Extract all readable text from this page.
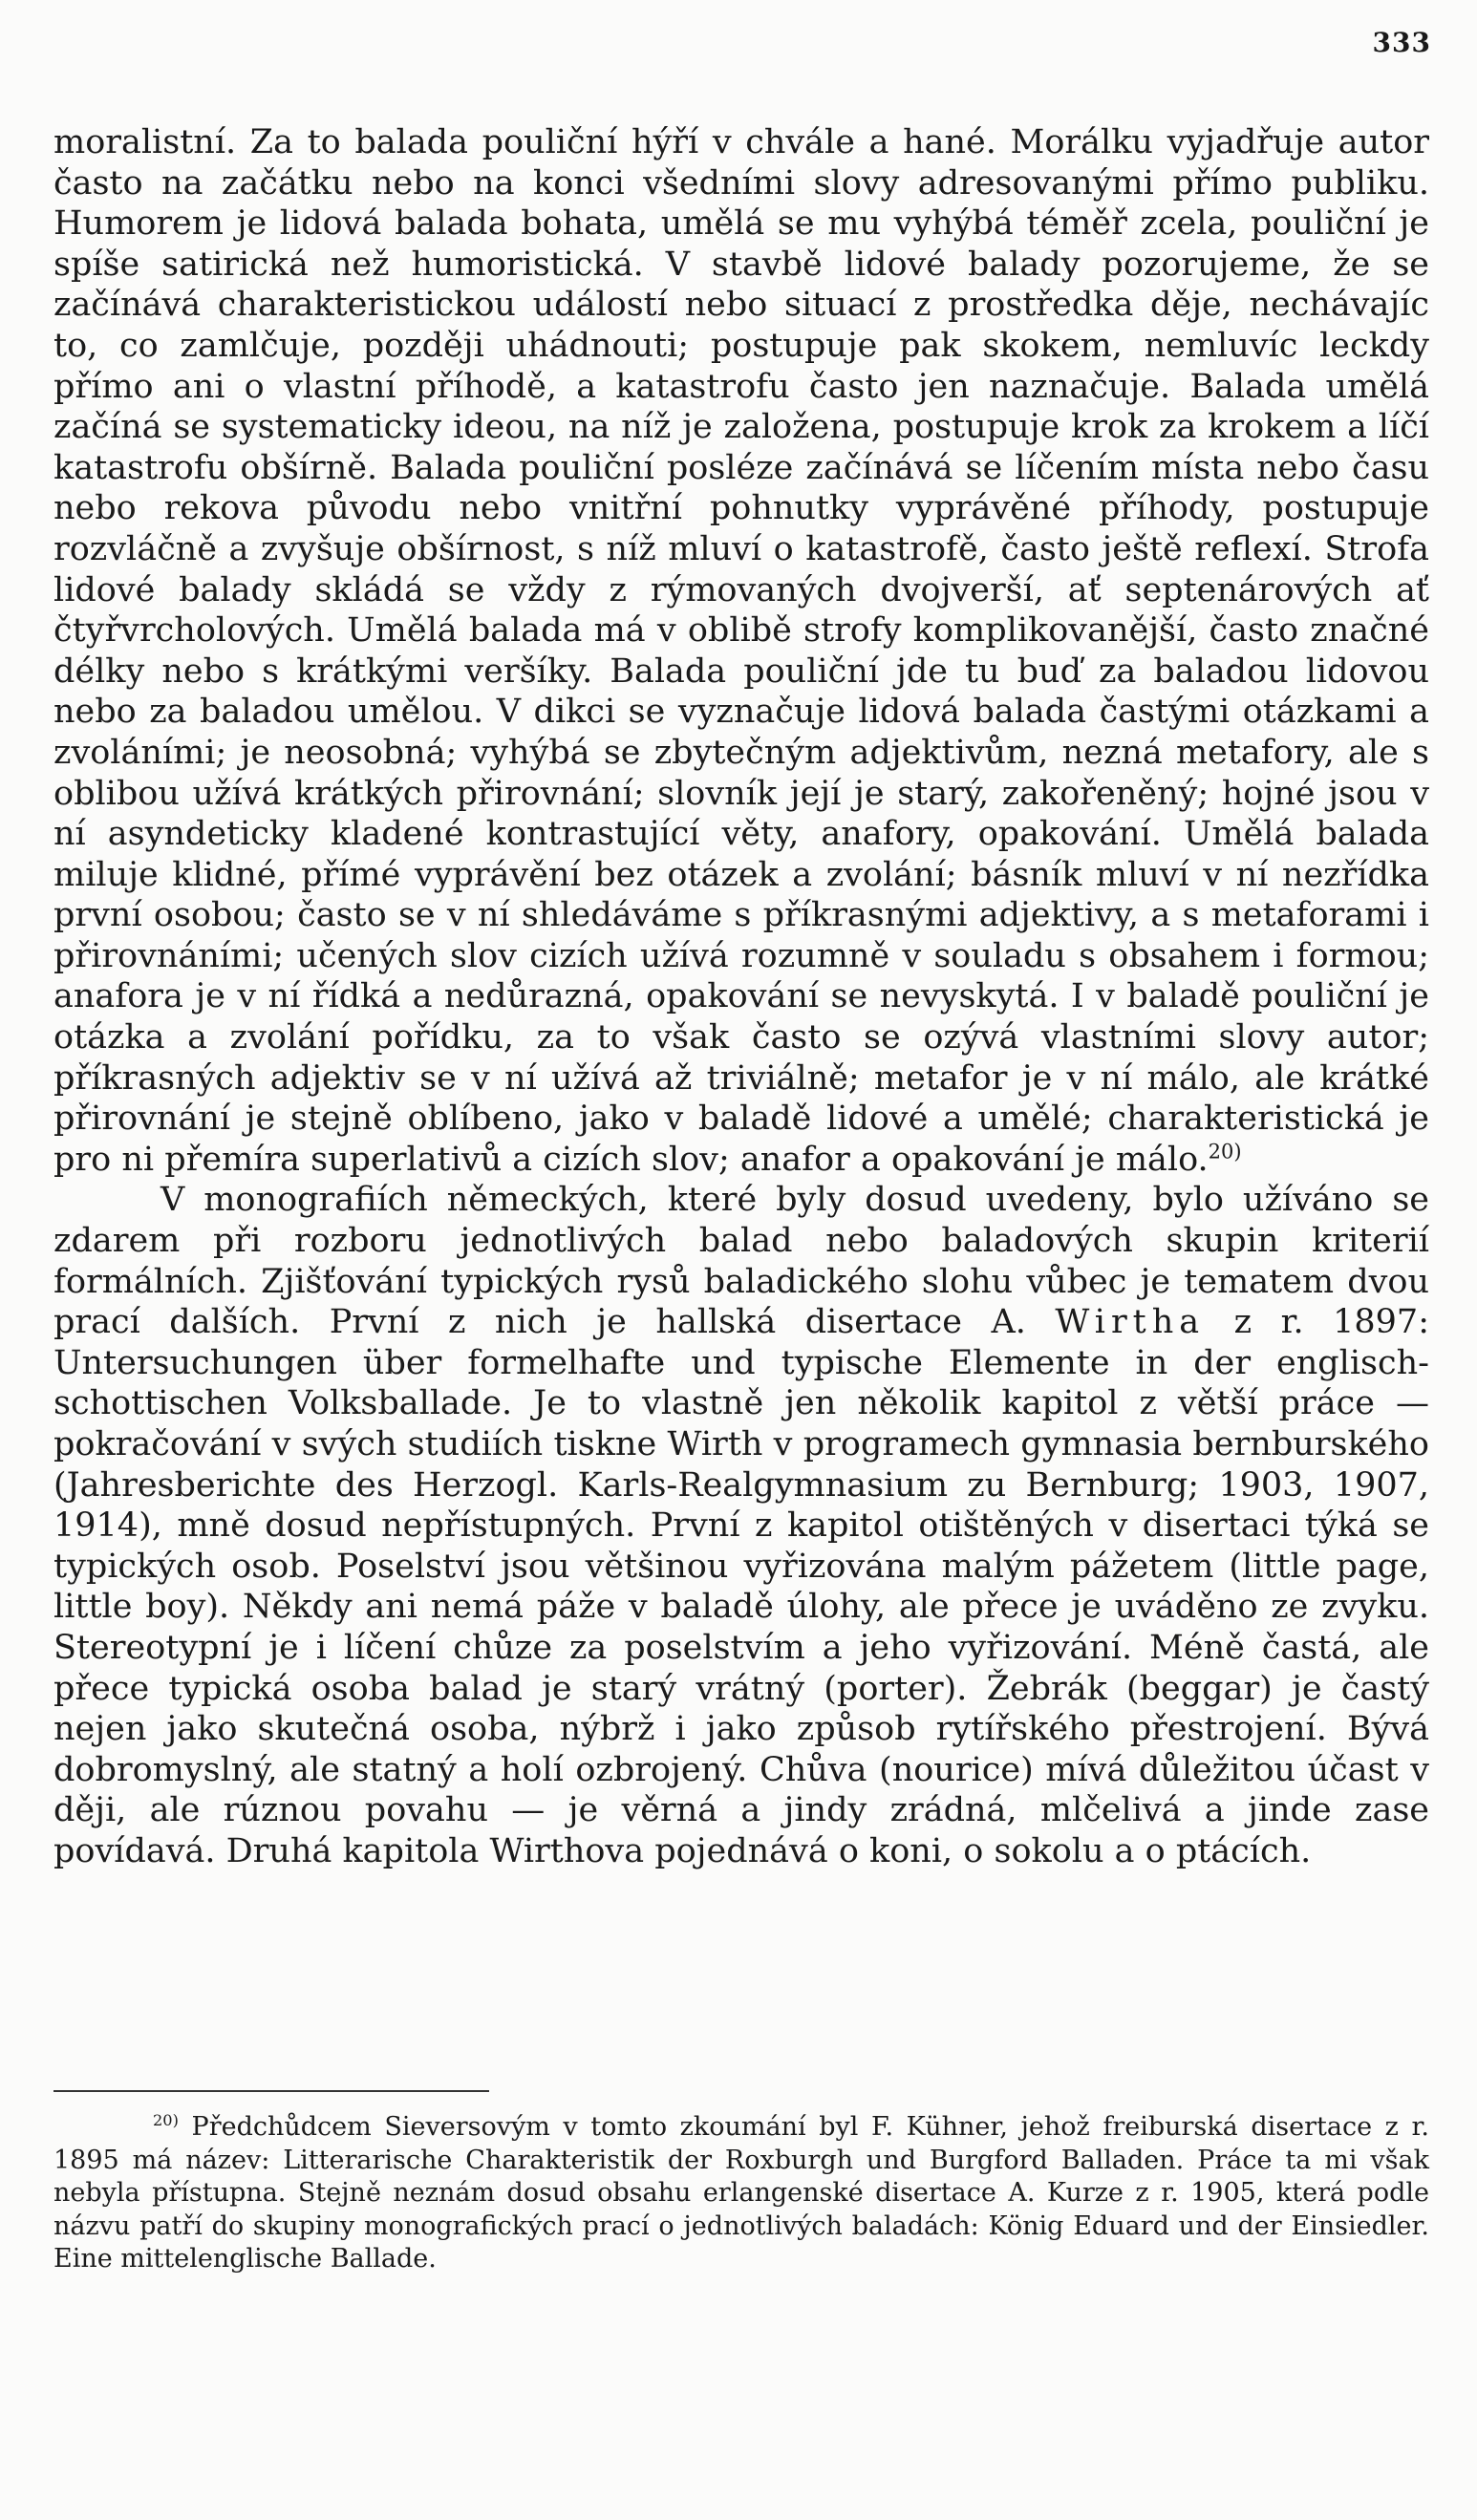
333

moralistní. Za to balada pouliční hýří v chvále a hané. Morálku vyjadřuje autor často na začátku nebo na konci všedními slovy adresovanými přímo publiku. Humorem je lidová balada bohata, umělá se mu vyhýbá téměř zcela, pouliční je spíše satirická než humoristická. V stavbě lidové balady pozorujeme, že se začínává charakteristickou událostí nebo situací z prostředka děje, nechávajíc to, co zamlčuje, později uhádnouti; postupuje pak skokem, nemluvíc leckdy přímo ani o vlastní příhodě, a katastrofu často jen naznačuje. Balada umělá začíná se systematicky ideou, na níž je založena, postupuje krok za krokem a líčí katastrofu obšírně. Balada pouliční posléze začínává se líčením místa nebo času nebo rekova původu nebo vnitřní pohnutky vyprávěné příhody, postupuje rozvláčně a zvyšuje obšírnost, s níž mluví o katastrofě, často ještě reflexí. Strofa lidové balady skládá se vždy z rýmovaných dvojverší, ať septenárových ať čtyřvrcholových. Umělá balada má v oblibě strofy komplikovanější, často značné délky nebo s krátkými veršíky. Balada pouliční jde tu buď za baladou lidovou nebo za baladou umělou. V dikci se vyznačuje lidová balada častými otázkami a zvoláními; je neosobná; vyhýbá se zbytečným adjektivům, nezná metafory, ale s oblibou užívá krátkých přirovnání; slovník její je starý, zakořeněný; hojné jsou v ní asyndeticky kladené kontrastující věty, anafory, opakování. Umělá balada miluje klidné, přímé vyprávění bez otázek a zvolání; básník mluví v ní nezřídka první osobou; často se v ní shledáváme s příkrasnými adjektivy, a s metaforami i přirovnáními; učených slov cizích užívá rozumně v souladu s obsahem i formou; anafora je v ní řídká a nedůrazná, opakování se nevyskytá. I v baladě pouliční je otázka a zvolání pořídku, za to však často se ozývá vlastními slovy autor; příkrasných adjektiv se v ní užívá až triviálně; metafor je v ní málo, ale krátké přirovnání je stejně oblíbeno, jako v baladě lidové a umělé; charakteristická je pro ni přemíra superlativů a cizích slov; anafor a opakování je málo.$^{20)}$

V monografiích německých, které byly dosud uvedeny, bylo užíváno se zdarem při rozboru jednotlivých balad nebo baladových skupin kriterií formálních. Zjišťování typických rysů baladického slohu vůbec je tematem dvou prací dalších. První z nich je hallská disertace A. Wirtha z r. 1897: Untersuchungen über formelhafte und typische Elemente in der englisch-schottischen Volksballade. Je to vlastně jen několik kapitol z větší práce — pokračování v svých studiích tiskne Wirth v programech gymnasia bernburského (Jahresberichte des Herzogl. Karls-Realgymnasium zu Bernburg; 1903, 1907, 1914), mně dosud nepřístupných. První z kapitol otištěných v disertaci týká se typických osob. Poselství jsou většinou vyřizována malým pážetem (little page, little boy). Někdy ani nemá páže v baladě úlohy, ale přece je uváděno ze zvyku. Stereotypní je i líčení chůze za poselstvím a jeho vyřizování. Méně častá, ale přece typická osoba balad je starý vrátný (porter). Žebrák (beggar) je častý nejen jako skutečná osoba, nýbrž i jako způsob rytířského přestrojení. Bývá dobromyslný, ale statný a holí ozbrojený. Chůva (nourice) mívá důležitou účast v ději, ale rúznou povahu — je věrná a jindy zrádná, mlčelivá a jinde zase povídavá. Druhá kapitola Wirthova pojednává o koni, o sokolu a o ptácích.

$^{20)}$ Předchůdcem Sieversovým v tomto zkoumání byl F. Kühner, jehož freiburská disertace z r. 1895 má název: Litterarische Charakteristik der Roxburgh und Burgford Balladen. Práce ta mi však nebyla přístupna. Stejně neznám dosud obsahu erlangenské disertace A. Kurze z r. 1905, která podle názvu patří do skupiny monografických prací o jednotlivých baladách: König Eduard und der Einsiedler. Eine mittelenglische Ballade.
